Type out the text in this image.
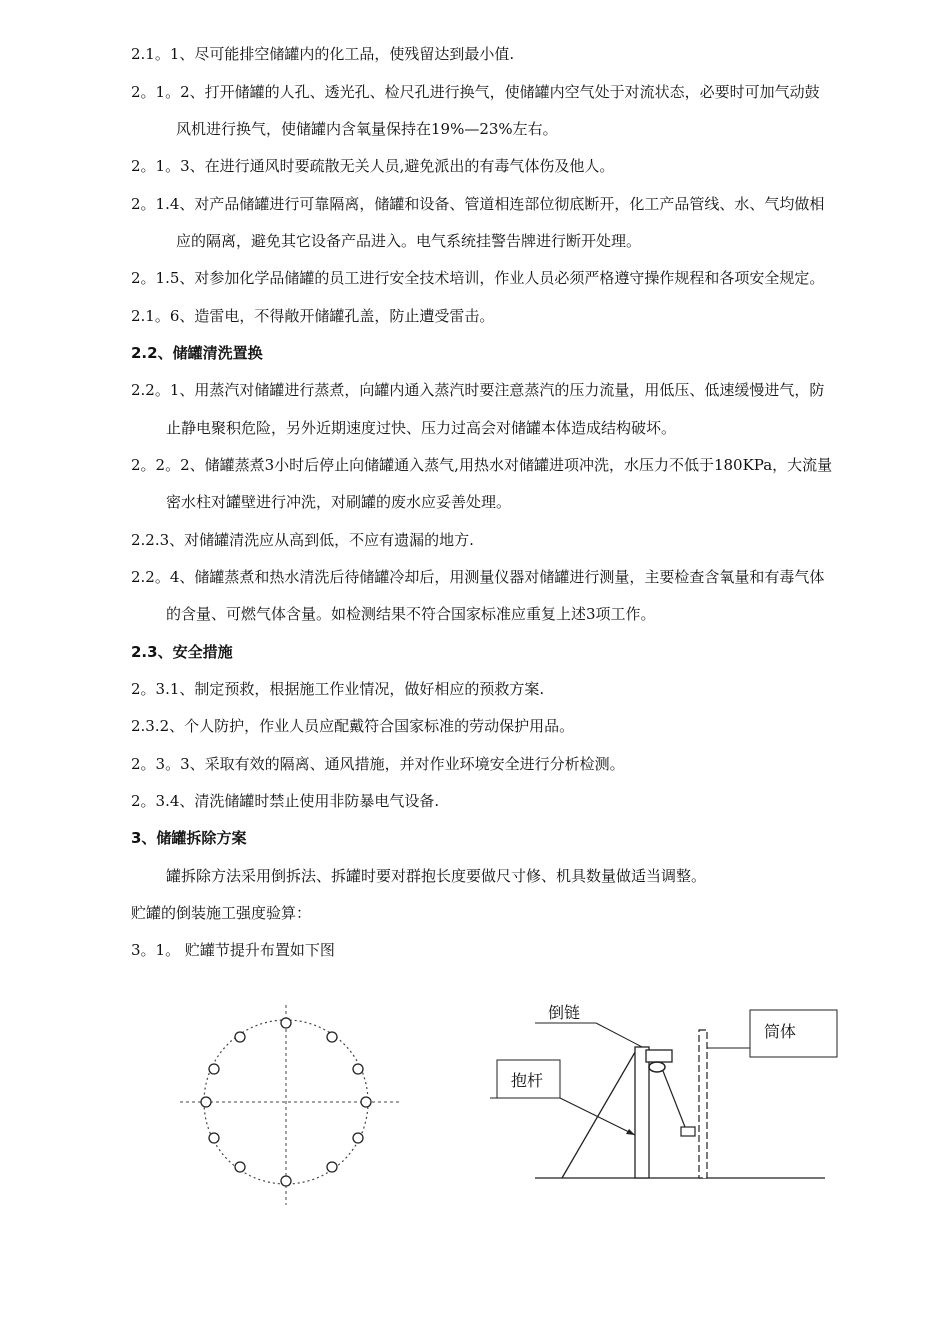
2.1。1、尽可能排空储罐内的化工品，使残留达到最小值.
2。1。2、打开储罐的人孔、透光孔、检尺孔进行换气，使储罐内空气处于对流状态，必要时可加气动鼓
风机进行换气，使储罐内含氧量保持在19%—23%左右。
2。1。3、在进行通风时要疏散无关人员,避免派出的有毒气体伤及他人。
2。1.4、对产品储罐进行可靠隔离，储罐和设备、管道相连部位彻底断开，化工产品管线、水、气均做相
应的隔离，避免其它设备产品进入。电气系统挂警告牌进行断开处理。
2。1.5、对参加化学品储罐的员工进行安全技术培训，作业人员必须严格遵守操作规程和各项安全规定。
2.1。6、造雷电，不得敞开储罐孔盖，防止遭受雷击。
2.2、储罐清洗置换
2.2。1、用蒸汽对储罐进行蒸煮，向罐内通入蒸汽时要注意蒸汽的压力流量，用低压、低速缓慢进气，防
止静电聚积危险，另外近期速度过快、压力过高会对储罐本体造成结构破坏。
2。2。2、储罐蒸煮3小时后停止向储罐通入蒸气,用热水对储罐进项冲洗，水压力不低于180KPa，大流量
密水柱对罐壁进行冲洗，对刷罐的废水应妥善处理。
2.2.3、对储罐清洗应从高到低，不应有遗漏的地方.
2.2。4、储罐蒸煮和热水清洗后待储罐冷却后，用测量仪器对储罐进行测量，主要检查含氧量和有毒气体
的含量、可燃气体含量。如检测结果不符合国家标准应重复上述3项工作。
2.3、安全措施
2。3.1、制定预救，根据施工作业情况，做好相应的预救方案.
2.3.2、个人防护，作业人员应配戴符合国家标准的劳动保护用品。
2。3。3、采取有效的隔离、通风措施，并对作业环境安全进行分析检测。
2。3.4、清洗储罐时禁止使用非防暴电气设备.
3、储罐拆除方案
罐拆除方法采用倒拆法、拆罐时要对群抱长度要做尺寸修、机具数量做适当调整。
贮罐的倒装施工强度验算：
3。1。 贮罐节提升布置如下图
倒链
筒体
抱杆
